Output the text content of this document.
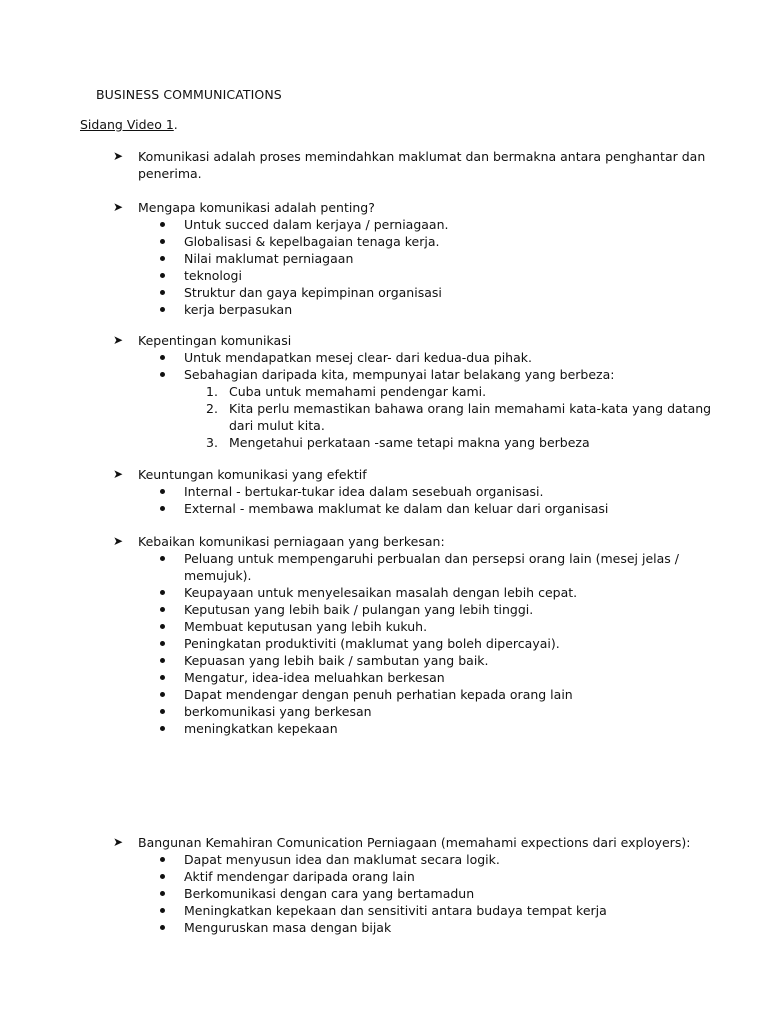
BUSINESS COMMUNICATIONS
Sidang Video 1.
➤ Komunikasi adalah proses memindahkan maklumat dan bermakna antara penghantar dan
penerima.
➤ Mengapa komunikasi adalah penting?
Untuk succed dalam kerjaya / perniagaan.
Globalisasi & kepelbagaian tenaga kerja.
Nilai maklumat perniagaan
teknologi
Struktur dan gaya kepimpinan organisasi
kerja berpasukan
➤ Kepentingan komunikasi
Untuk mendapatkan mesej clear- dari kedua-dua pihak.
Sebahagian daripada kita, mempunyai latar belakang yang berbeza:
1. Cuba untuk memahami pendengar kami.
2. Kita perlu memastikan bahawa orang lain memahami kata-kata yang datang
dari mulut kita.
3. Mengetahui perkataan -same tetapi makna yang berbeza
➤ Keuntungan komunikasi yang efektif
Internal - bertukar-tukar idea dalam sesebuah organisasi.
External - membawa maklumat ke dalam dan keluar dari organisasi
➤ Kebaikan komunikasi perniagaan yang berkesan:
Peluang untuk mempengaruhi perbualan dan persepsi orang lain (mesej jelas /
memujuk).
Keupayaan untuk menyelesaikan masalah dengan lebih cepat.
Keputusan yang lebih baik / pulangan yang lebih tinggi.
Membuat keputusan yang lebih kukuh.
Peningkatan produktiviti (maklumat yang boleh dipercayai).
Kepuasan yang lebih baik / sambutan yang baik.
Mengatur, idea-idea meluahkan berkesan
Dapat mendengar dengan penuh perhatian kepada orang lain
berkomunikasi yang berkesan
meningkatkan kepekaan
➤ Bangunan Kemahiran Comunication Perniagaan (memahami expections dari exployers):
Dapat menyusun idea dan maklumat secara logik.
Aktif mendengar daripada orang lain
Berkomunikasi dengan cara yang bertamadun
Meningkatkan kepekaan dan sensitiviti antara budaya tempat kerja
Menguruskan masa dengan bijak
